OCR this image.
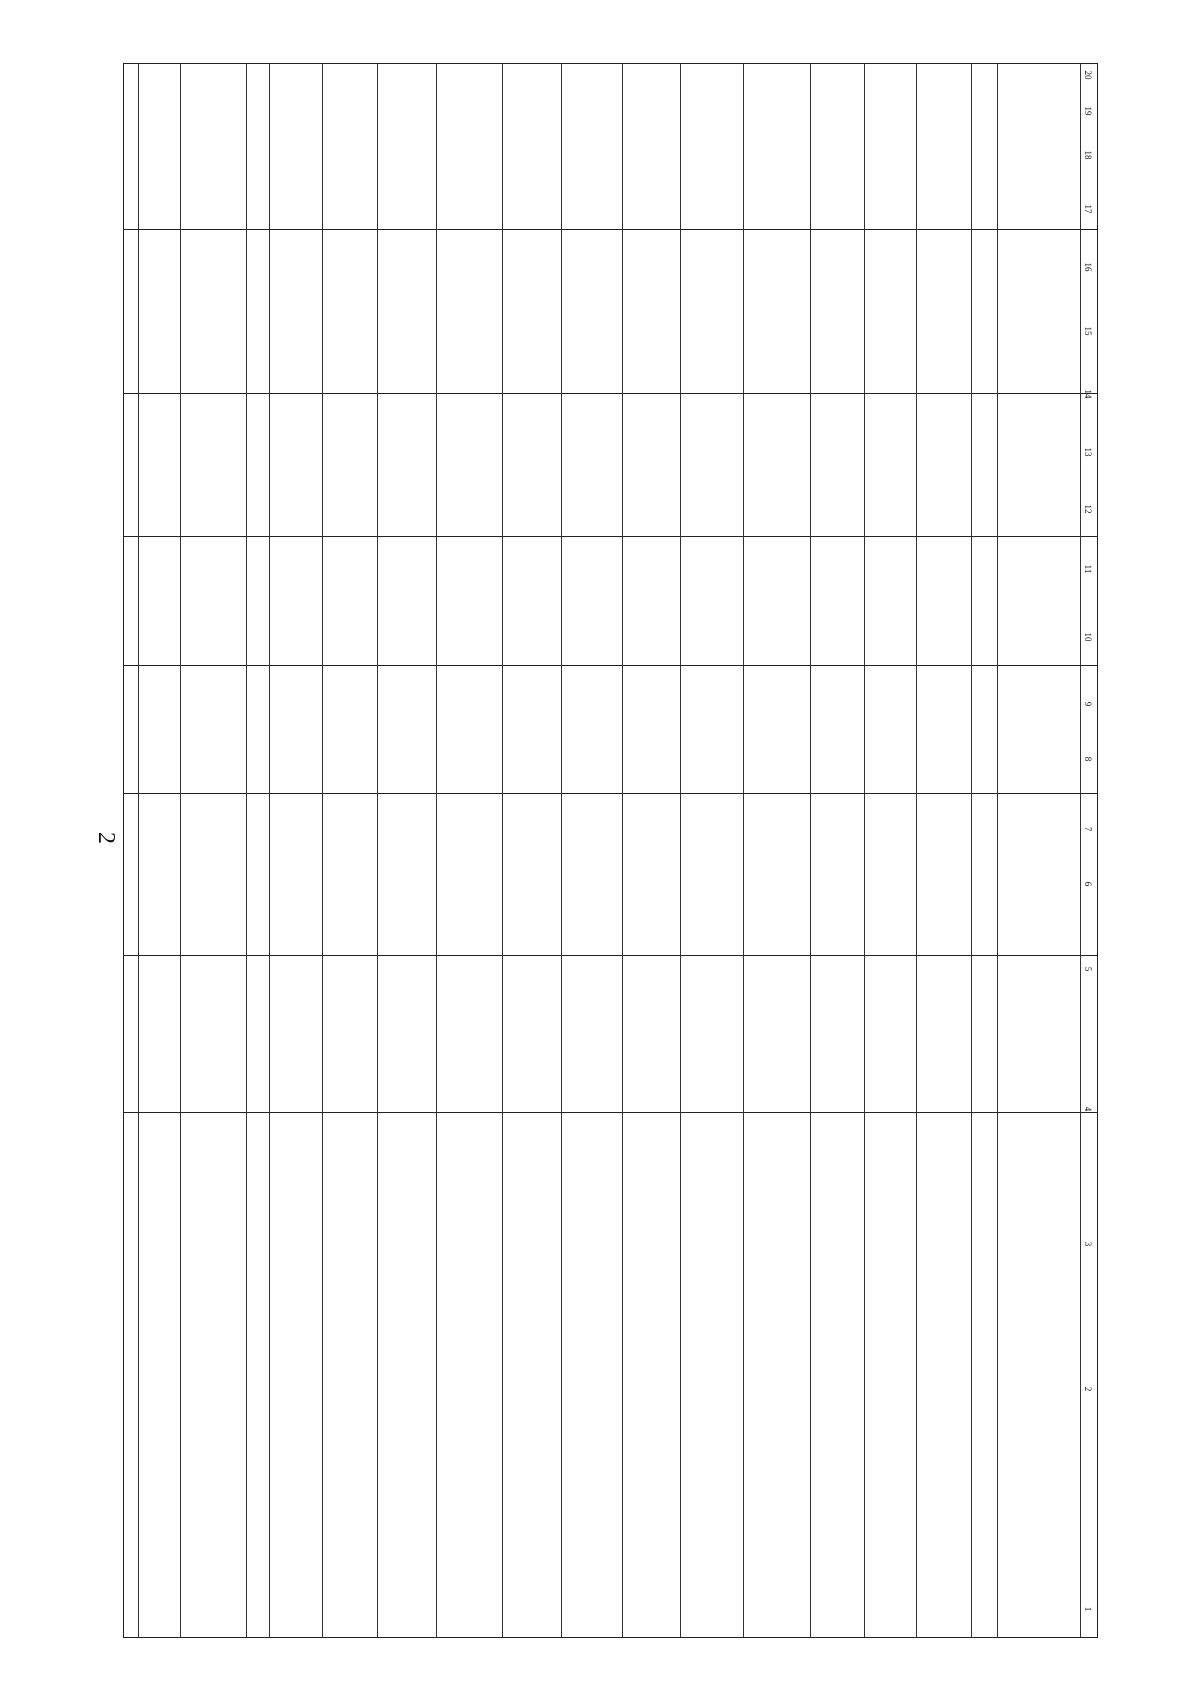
2
1
2
3
4
5
6
7
8
9
10
11
12
13
14
15
16
17
18
19
20
